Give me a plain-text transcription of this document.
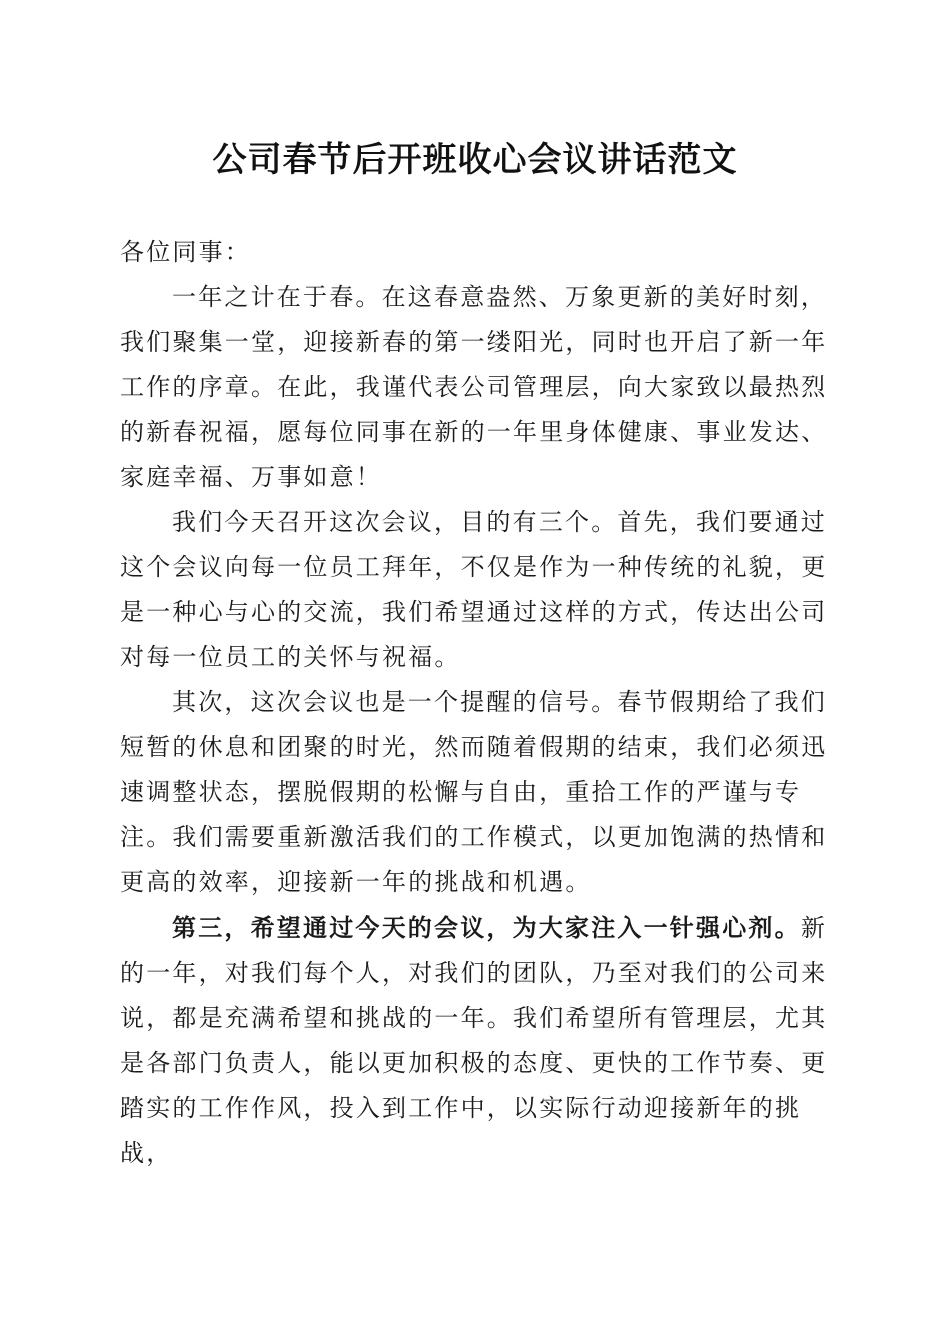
公司春节后开班收心会议讲话范文

各位同事：

一年之计在于春。在这春意盎然、万象更新的美好时刻，我们聚集一堂，迎接新春的第一缕阳光，同时也开启了新一年工作的序章。在此，我谨代表公司管理层，向大家致以最热烈的新春祝福，愿每位同事在新的一年里身体健康、事业发达、家庭幸福、万事如意！

我们今天召开这次会议，目的有三个。首先，我们要通过这个会议向每一位员工拜年，不仅是作为一种传统的礼貌，更是一种心与心的交流，我们希望通过这样的方式，传达出公司对每一位员工的关怀与祝福。

其次，这次会议也是一个提醒的信号。春节假期给了我们短暂的休息和团聚的时光，然而随着假期的结束，我们必须迅速调整状态，摆脱假期的松懈与自由，重拾工作的严谨与专注。我们需要重新激活我们的工作模式，以更加饱满的热情和更高的效率，迎接新一年的挑战和机遇。

第三，希望通过今天的会议，为大家注入一针强心剂。新的一年，对我们每个人，对我们的团队，乃至对我们的公司来说，都是充满希望和挑战的一年。我们希望所有管理层，尤其是各部门负责人，能以更加积极的态度、更快的工作节奏、更踏实的工作作风，投入到工作中，以实际行动迎接新年的挑战，
